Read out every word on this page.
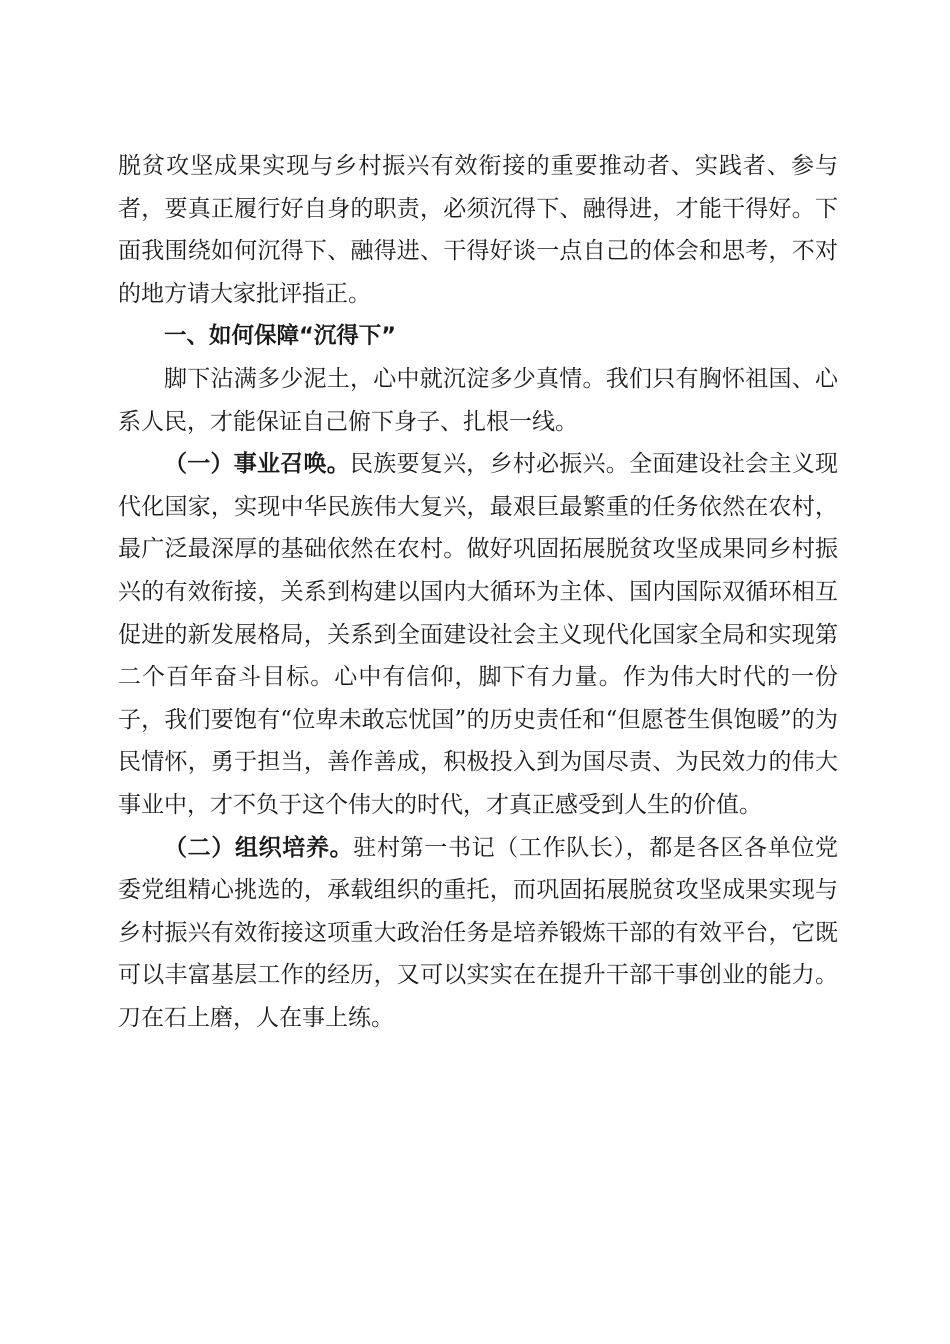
脱贫攻坚成果实现与乡村振兴有效衔接的重要推动者、实践者、参与者，要真正履行好自身的职责，必须沉得下、融得进，才能干得好。下面我围绕如何沉得下、融得进、干得好谈一点自己的体会和思考，不对的地方请大家批评指正。

一、如何保障“沉得下”

脚下沾满多少泥土，心中就沉淀多少真情。我们只有胸怀祖国、心系人民，才能保证自己俯下身子、扎根一线。

（一）事业召唤。民族要复兴，乡村必振兴。全面建设社会主义现代化国家，实现中华民族伟大复兴，最艰巨最繁重的任务依然在农村，最广泛最深厚的基础依然在农村。做好巩固拓展脱贫攻坚成果同乡村振兴的有效衔接，关系到构建以国内大循环为主体、国内国际双循环相互促进的新发展格局，关系到全面建设社会主义现代化国家全局和实现第二个百年奋斗目标。心中有信仰，脚下有力量。作为伟大时代的一份子，我们要饱有“位卑未敢忘忧国”的历史责任和“但愿苍生俱饱暖”的为民情怀，勇于担当，善作善成，积极投入到为国尽责、为民效力的伟大事业中，才不负于这个伟大的时代，才真正感受到人生的价值。

（二）组织培养。驻村第一书记（工作队长），都是各区各单位党委党组精心挑选的，承载组织的重托，而巩固拓展脱贫攻坚成果实现与乡村振兴有效衔接这项重大政治任务是培养锻炼干部的有效平台，它既可以丰富基层工作的经历，又可以实实在在提升干部干事创业的能力。刀在石上磨，人在事上练。
